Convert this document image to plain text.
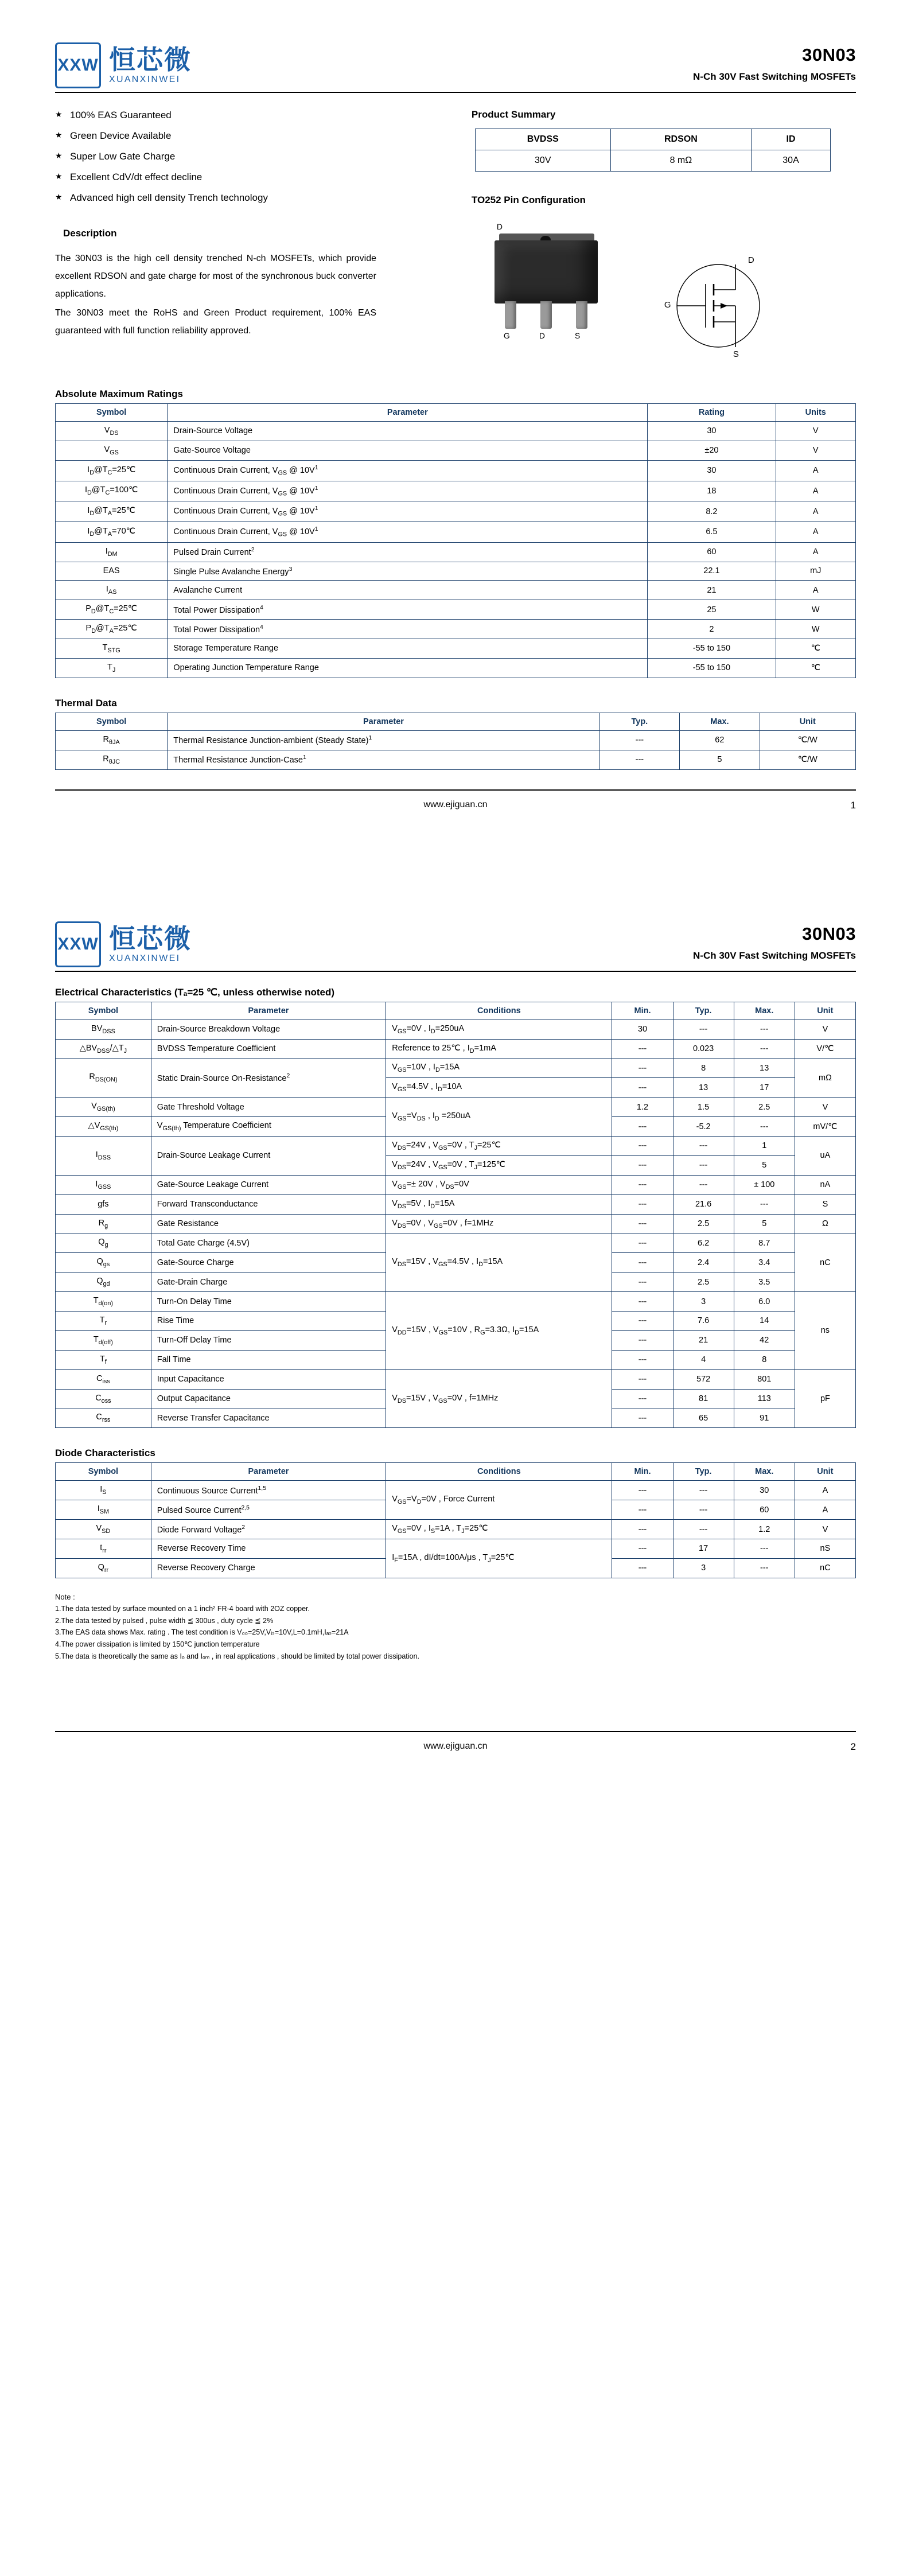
XXW 恒芯微
XUANXINWEI
30N03
N-Ch 30V Fast Switching MOSFETs
★ 100% EAS Guaranteed
★ Green Device Available
★ Super Low Gate Charge
★ Excellent CdV/dt effect decline
★ Advanced high cell density Trench technology
Description

The 30N03 is the high cell density trenched N-ch MOSFETs, which provide excellent RDSON and gate charge for most of the synchronous buck converter applications.

The 30N03 meet the RoHS and Green Product requirement, 100% EAS guaranteed with full function reliability approved.

Product Summary
BVDSS	RDSON	ID
30V	8 mΩ	30A
TO252 Pin Configuration
D
G	D	S
D
G
S
Absolute Maximum Ratings
Symbol	Parameter	Rating	Units
$V_{DS}$	Drain-Source Voltage	30	V
$V_{GS}$	Gate-Source Voltage	±20	V
$I_D@T_C=25℃$	Continuous Drain Current, $V_{GS}$ @ $10V^1$	30	A
$I_D@T_C=100℃$	Continuous Drain Current, $V_{GS}$ @ $10V^1$	18	A
$I_D@T_A=25℃$	Continuous Drain Current, $V_{GS}$ @ $10V^1$	8.2	A
$I_D@T_A=70℃$	Continuous Drain Current, $V_{GS}$ @ $10V^1$	6.5	A
$I_{DM}$	Pulsed Drain Current$^2$	60	A
EAS	Single Pulse Avalanche Energy$^3$	22.1	mJ
$I_{AS}$	Avalanche Current	21	A
$P_D@T_C=25℃$	Total Power Dissipation$^4$	25	W
$P_D@T_A=25℃$	Total Power Dissipation$^4$	2	W
$T_{STG}$	Storage Temperature Range	-55 to 150	℃
$T_J$	Operating Junction Temperature Range	-55 to 150	℃
Thermal Data
Symbol	Parameter	Typ.	Max.	Unit
$R_{\theta JA}$	Thermal Resistance Junction-ambient (Steady State)$^1$	---	62	℃/W
$R_{\theta JC}$	Thermal Resistance Junction-Case$^1$	---	5	℃/W
www.ejiguan.cn	1
XXW 恒芯微
XUANXINWEI
30N03
N-Ch 30V Fast Switching MOSFETs
Electrical Characteristics (Tₐ=25 ℃, unless otherwise noted)
Symbol	Parameter	Conditions	Min.	Typ.	Max.	Unit
$BV_{DSS}$	Drain-Source Breakdown Voltage	$V_{GS}=0V$ , $I_D=250uA$	30	---	---	V
$\triangle BV_{DSS}/\triangle T_J$	BVDSS Temperature Coefficient	Reference to 25℃ , $I_D=1mA$	---	0.023	---	V/℃
$R_{DS(ON)}$	Static Drain-Source On-Resistance$^2$	$V_{GS}=10V$ , $I_D=15A$	---	8	13	mΩ
		$V_{GS}=4.5V$ , $I_D=10A$	---	13	17	
$V_{GS(th)}$	Gate Threshold Voltage	$V_{GS}=V_{DS}$ , $I_D =250uA$	1.2	1.5	2.5	V
$\triangle V_{GS(th)}$	$V_{GS(th)}$ Temperature Coefficient		---	-5.2	---	mV/℃
$I_{DSS}$	Drain-Source Leakage Current	$V_{DS}=24V$ , $V_{GS}=0V$ , $T_J=25℃$	---	---	1	uA
		$V_{DS}=24V$ , $V_{GS}=0V$ , $T_J=125℃$	---	---	5	
$I_{GSS}$	Gate-Source Leakage Current	$V_{GS}=\pm 20V$ , $V_{DS}=0V$	---	---	± 100	nA
gfs	Forward Transconductance	$V_{DS}=5V$ , $I_D=15A$	---	21.6	---	S
$R_g$	Gate Resistance	$V_{DS}=0V$ , $V_{GS}=0V$ , f=1MHz	---	2.5	5	Ω
$Q_g$	Total Gate Charge (4.5V)	$V_{DS}=15V$ , $V_{GS}=4.5V$ , $I_D=15A$	---	6.2	8.7	nC
$Q_{gs}$	Gate-Source Charge		---	2.4	3.4	
$Q_{gd}$	Gate-Drain Charge		---	2.5	3.5	
$T_{d(on)}$	Turn-On Delay Time	$V_{DD}=15V$ , $V_{GS}=10V$ , $R_G=3.3\Omega$, $I_D=15A$	---	3	6.0	ns
$T_r$	Rise Time		---	7.6	14	
$T_{d(off)}$	Turn-Off Delay Time		---	21	42	
$T_f$	Fall Time		---	4	8	
$C_{iss}$	Input Capacitance	$V_{DS}=15V$ , $V_{GS}=0V$ , f=1MHz	---	572	801	pF
$C_{oss}$	Output Capacitance		---	81	113	
$C_{rss}$	Reverse Transfer Capacitance		---	65	91	
Diode Characteristics
Symbol	Parameter	Conditions	Min.	Typ.	Max.	Unit
$I_S$	Continuous Source Current$^{1,5}$	$V_{GS}=V_D=0V$ , Force Current	---	---	30	A
$I_{SM}$	Pulsed Source Current$^{2,5}$		---	---	60	A
$V_{SD}$	Diode Forward Voltage$^2$	$V_{GS}=0V$ , $I_S=1A$ , $T_J=25℃$	---	---	1.2	V
$t_{rr}$	Reverse Recovery Time	$I_F=15A$ , dI/dt=100A/μs , $T_J=25℃$	---	17	---	nS
$Q_{rr}$	Reverse Recovery Charge		---	3	---	nC
Note :
1.The data tested by surface mounted on a 1 inch² FR-4 board with 2OZ copper.
2.The data tested by pulsed , pulse width ≦ 300us , duty cycle ≦ 2%
3.The EAS data shows Max. rating . The test condition is V₀₀=25V,Vᵢₛ=10V,L=0.1mH,Iₐₛ=21A
4.The power dissipation is limited by 150℃ junction temperature
5.The data is theoretically the same as Iₒ and Iₒₘ , in real applications , should be limited by total power dissipation.
www.ejiguan.cn	2
